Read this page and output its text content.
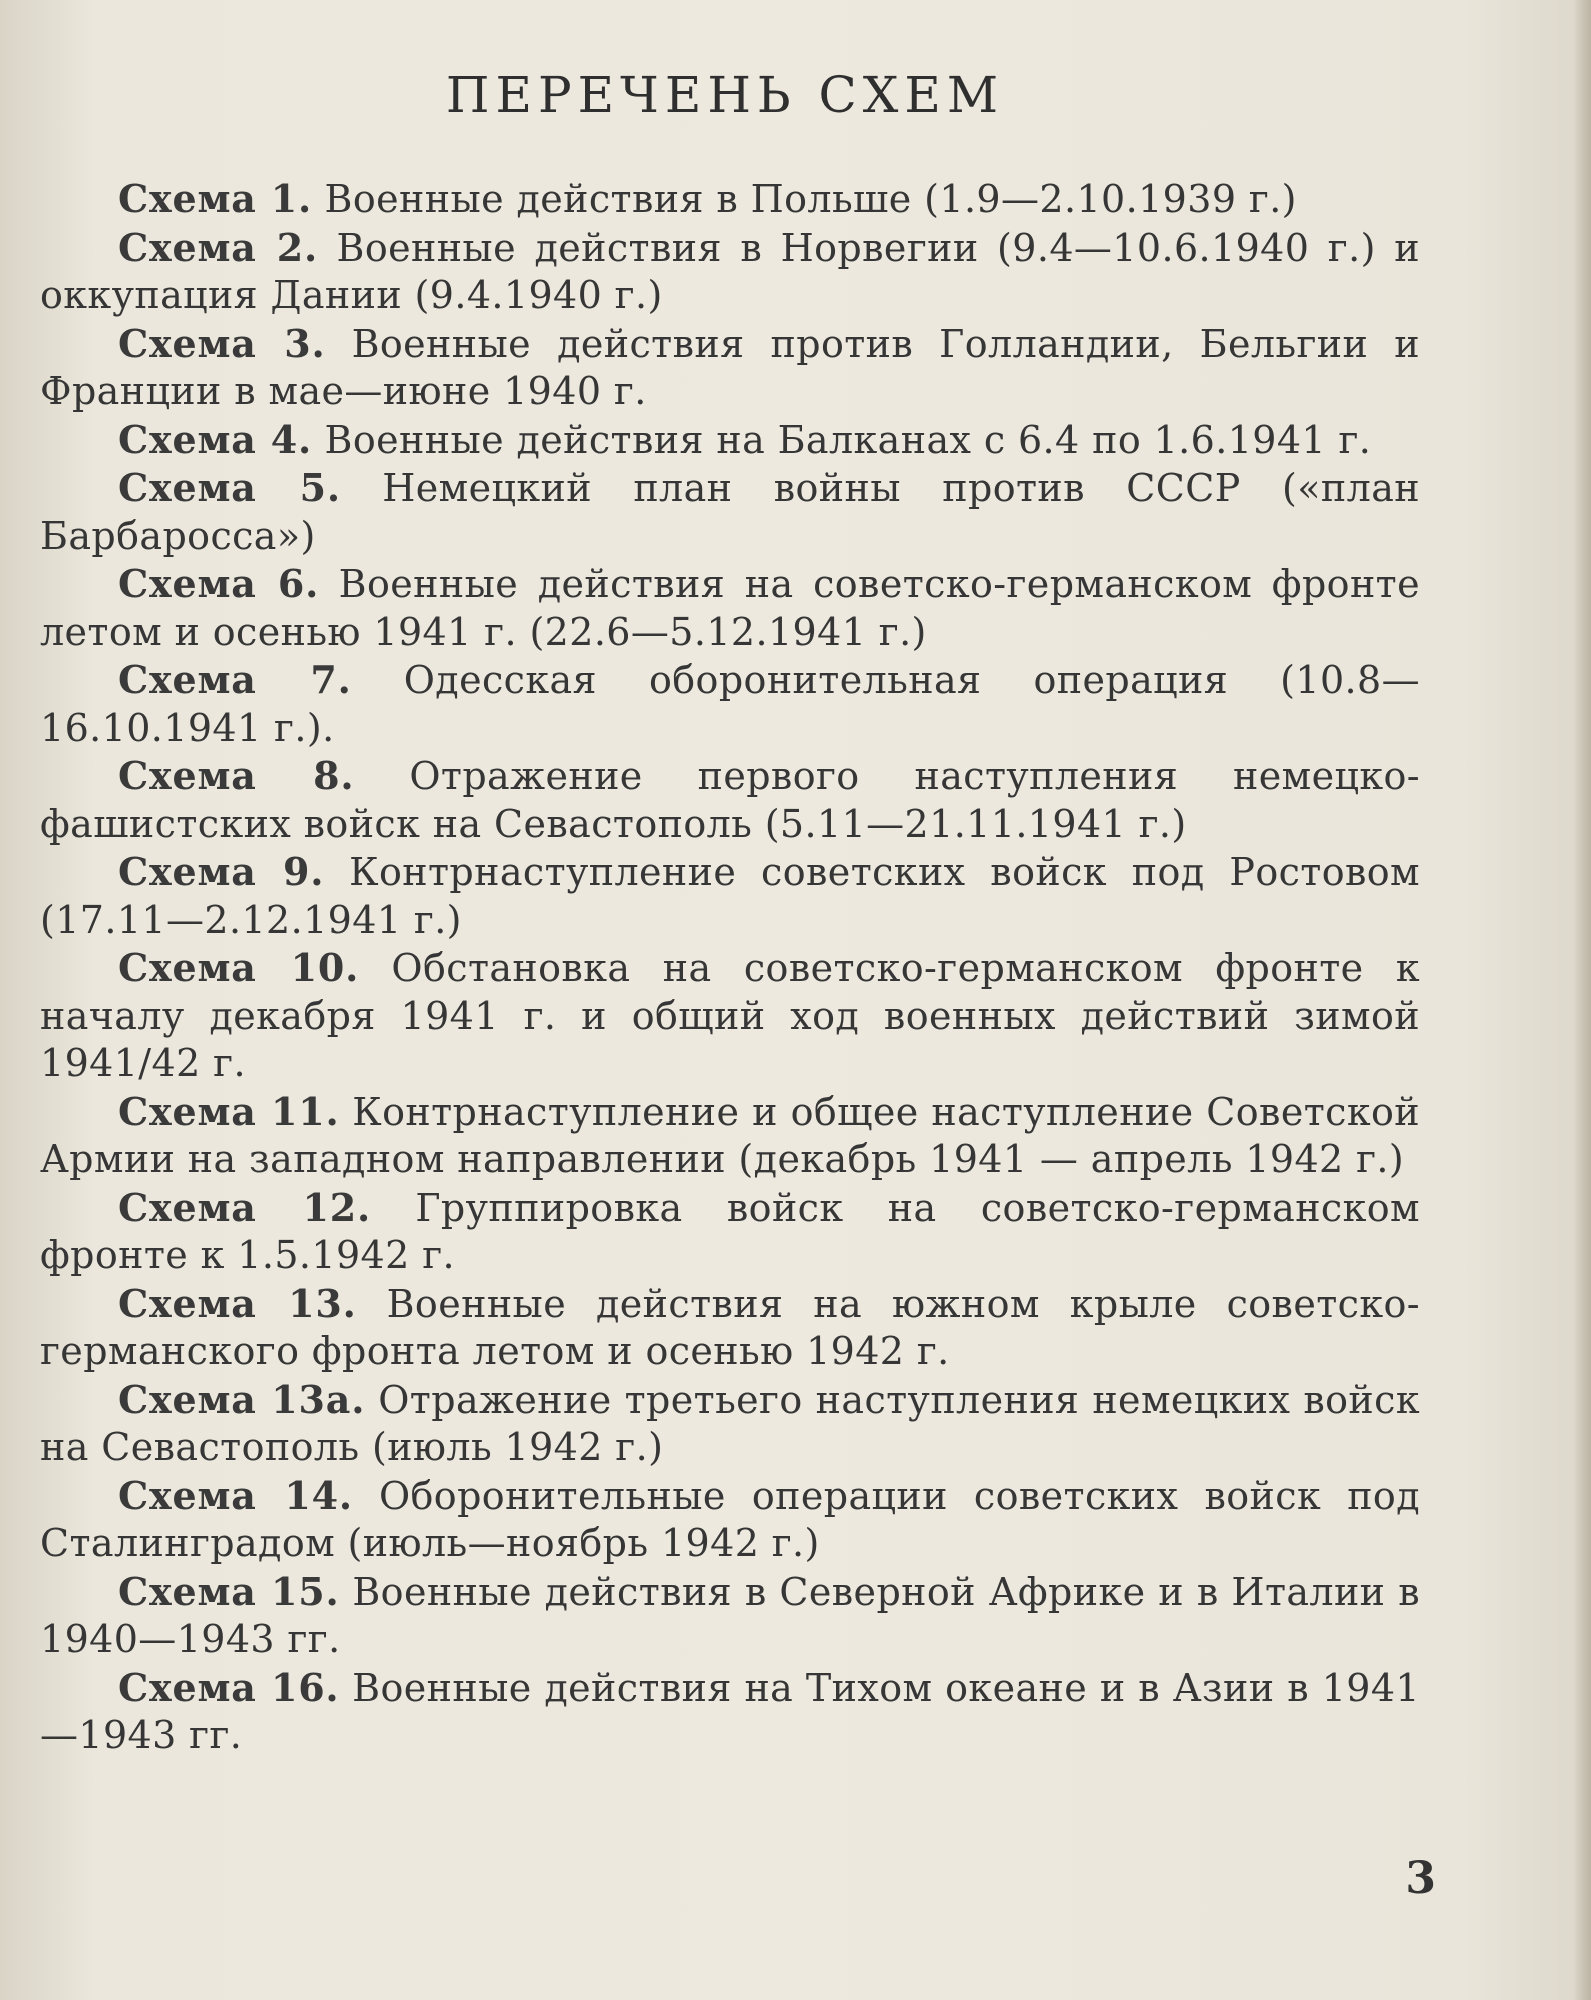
ПЕРЕЧЕНЬ СХЕМ
Схема 1. Военные действия в Польше (1.9—2.10.1939 г.)
Схема 2. Военные действия в Норвегии (9.4—10.6.1940 г.) и оккупация Дании (9.4.1940 г.)
Схема 3. Военные действия против Голландии, Бельгии и Франции в мае—июне 1940 г.
Схема 4. Военные действия на Балканах с 6.4 по 1.6.1941 г.
Схема 5. Немецкий план войны против СССР («план Барбаросса»)
Схема 6. Военные действия на советско-германском фронте летом и осенью 1941 г. (22.6—5.12.1941 г.)
Схема 7. Одесская оборонительная операция (10.8—16.10.1941 г.).
Схема 8. Отражение первого наступления немецко-фашистских войск на Севастополь (5.11—21.11.1941 г.)
Схема 9. Контрнаступление советских войск под Ростовом (17.11—2.12.1941 г.)
Схема 10. Обстановка на советско-германском фронте к началу декабря 1941 г. и общий ход военных действий зимой 1941/42 г.
Схема 11. Контрнаступление и общее наступление Советской Армии на западном направлении (декабрь 1941 — апрель 1942 г.)
Схема 12. Группировка войск на советско-германском фронте к 1.5.1942 г.
Схема 13. Военные действия на южном крыле советско-германского фронта летом и осенью 1942 г.
Схема 13а. Отражение третьего наступления немецких войск на Севастополь (июль 1942 г.)
Схема 14. Оборонительные операции советских войск под Сталинградом (июль—ноябрь 1942 г.)
Схема 15. Военные действия в Северной Африке и в Италии в 1940—1943 гг.
Схема 16. Военные действия на Тихом океане и в Азии в 1941—1943 гг.
3
